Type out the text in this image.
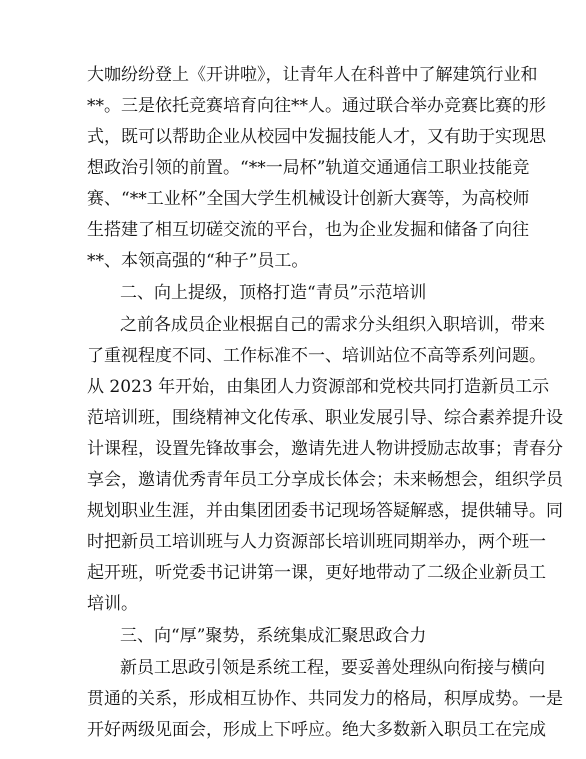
大咖纷纷登上《开讲啦》，让青年人在科普中了解建筑行业和
**。三是依托竞赛培育向往**人。通过联合举办竞赛比赛的形
式，既可以帮助企业从校园中发掘技能人才，又有助于实现思
想政治引领的前置。“**一局杯”轨道交通通信工职业技能竞
赛、“**工业杯”全国大学生机械设计创新大赛等，为高校师
生搭建了相互切磋交流的平台，也为企业发掘和储备了向往
**、本领高强的“种子”员工。
二、向上提级，顶格打造“青员”示范培训
之前各成员企业根据自己的需求分头组织入职培训，带来
了重视程度不同、工作标准不一、培训站位不高等系列问题。
从 2023 年开始，由集团人力资源部和党校共同打造新员工示
范培训班，围绕精神文化传承、职业发展引导、综合素养提升设
计课程，设置先锋故事会，邀请先进人物讲授励志故事；青春分
享会，邀请优秀青年员工分享成长体会；未来畅想会，组织学员
规划职业生涯，并由集团团委书记现场答疑解惑，提供辅导。同
时把新员工培训班与人力资源部长培训班同期举办，两个班一
起开班，听党委书记讲第一课，更好地带动了二级企业新员工
培训。
三、向“厚”聚势，系统集成汇聚思政合力
新员工思政引领是系统工程，要妥善处理纵向衔接与横向
贯通的关系，形成相互协作、共同发力的格局，积厚成势。一是
开好两级见面会，形成上下呼应。绝大多数新入职员工在完成
